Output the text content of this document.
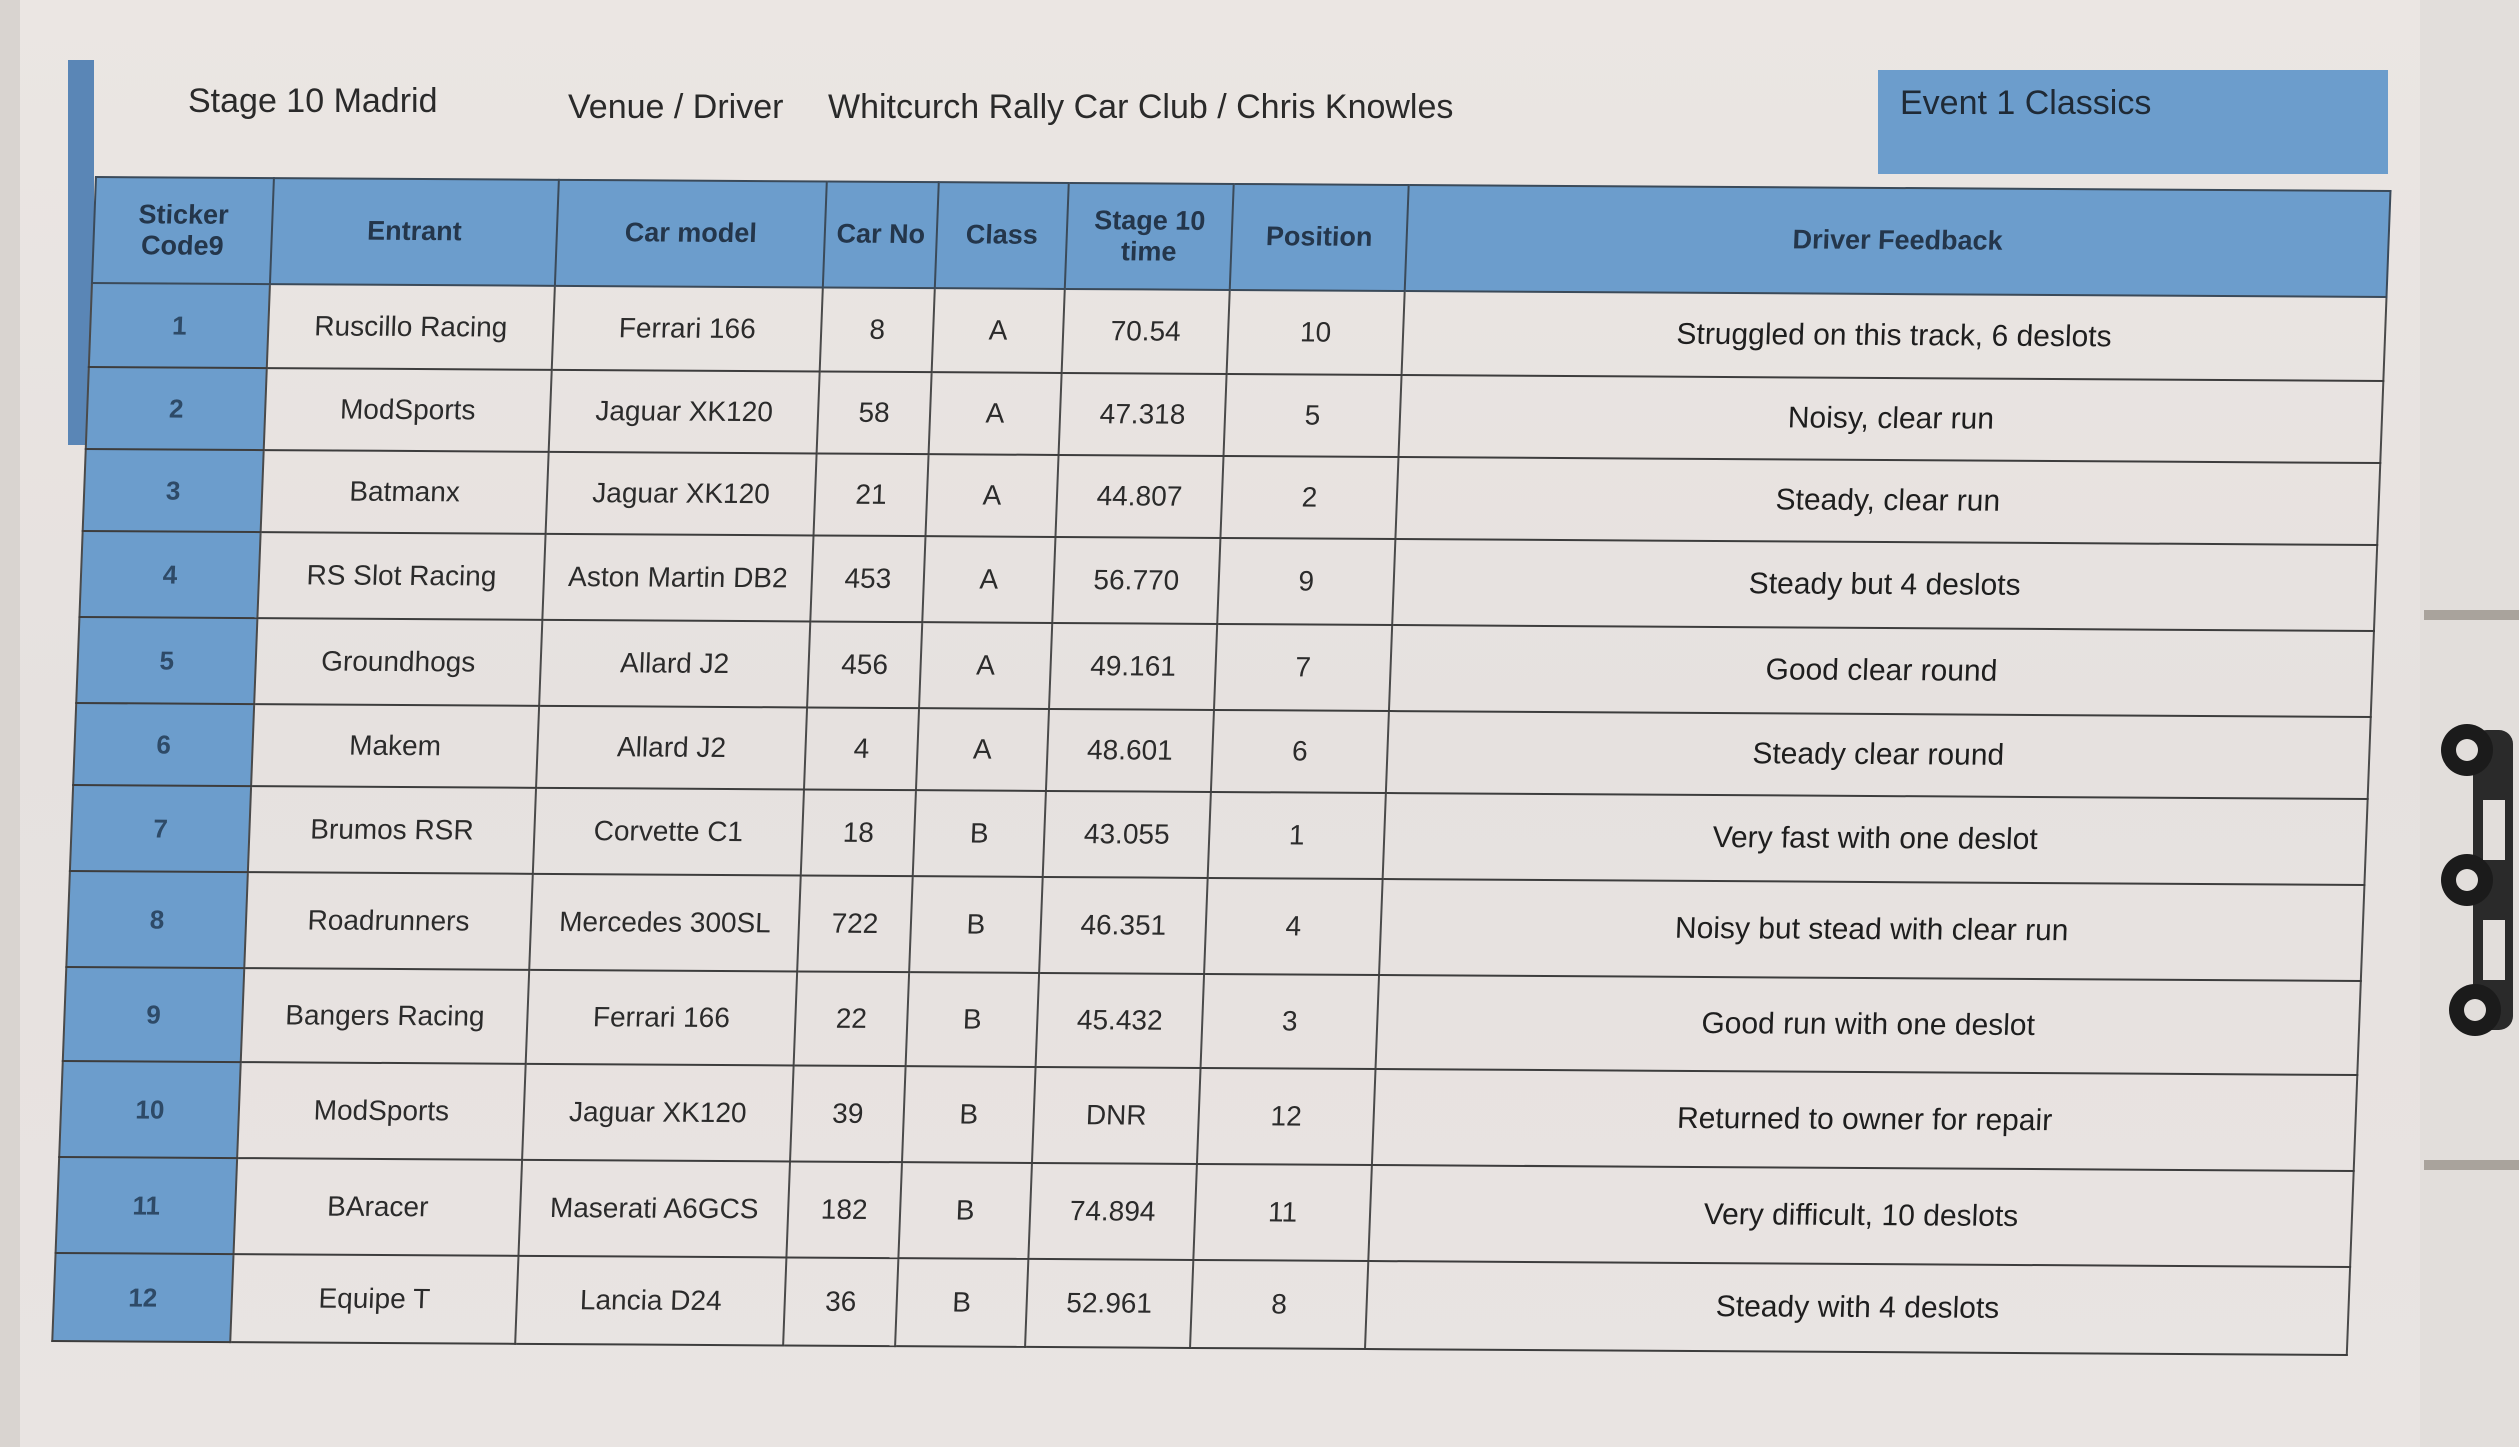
Stage 10 Madrid	Venue / Driver Whitcurch Rally Car Club / Chris Knowles	Event 1 Classics
Sticker Code9	Entrant	Car model	Car No	Class	Stage 10 time	Position	Driver Feedback
1	Ruscillo Racing	Ferrari 166	8	A	70.54	10	Struggled on this track, 6 deslots
2	ModSports	Jaguar XK120	58	A	47.318	5	Noisy, clear run
3	Batmanx	Jaguar XK120	21	A	44.807	2	Steady, clear run
4	RS Slot Racing	Aston Martin DB2	453	A	56.770	9	Steady but 4 deslots
5	Groundhogs	Allard J2	456	A	49.161	7	Good clear round
6	Makem	Allard J2	4	A	48.601	6	Steady clear round
7	Brumos RSR	Corvette C1	18	B	43.055	1	Very fast with one deslot
8	Roadrunners	Mercedes 300SL	722	B	46.351	4	Noisy but stead with clear run
9	Bangers Racing	Ferrari 166	22	B	45.432	3	Good run with one deslot
10	ModSports	Jaguar XK120	39	B	DNR	12	Returned to owner for repair
11	BAracer	Maserati A6GCS	182	B	74.894	11	Very difficult, 10 deslots
12	Equipe T	Lancia D24	36	B	52.961	8	Steady with 4 deslots
